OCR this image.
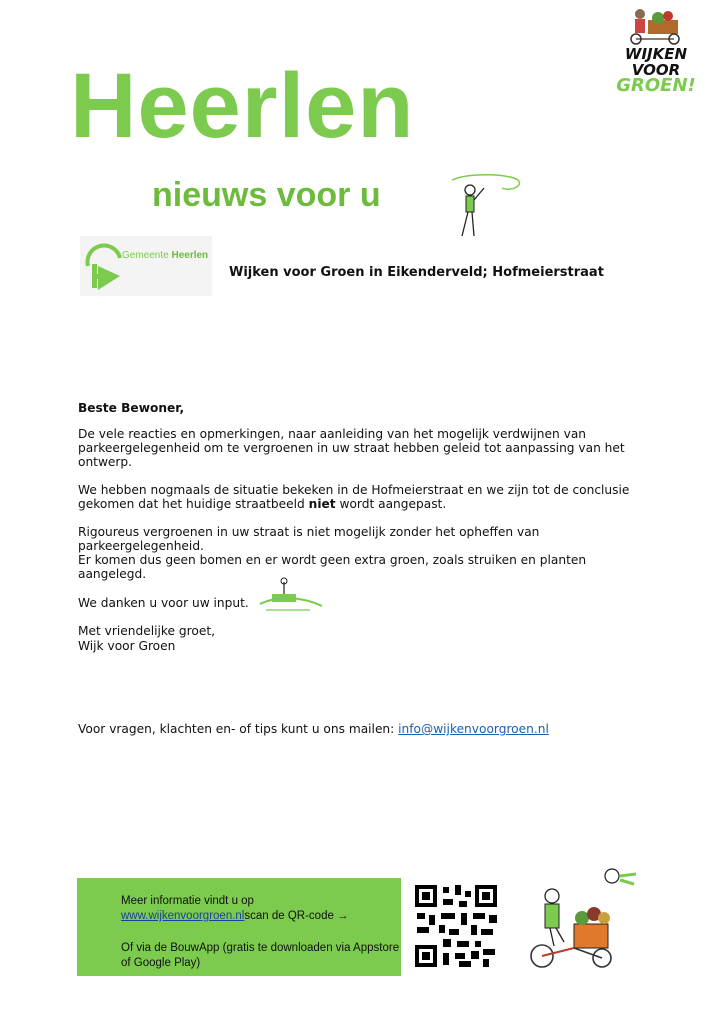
Heerlen
nieuws voor u
WIJKEN
VOOR
GROEN!
Gemeente Heerlen
Wijken voor Groen in Eikenderveld; Hofmeierstraat
Beste Bewoner,
De vele reacties en opmerkingen, naar aanleiding van het mogelijk verdwijnen van parkeergelegenheid om te vergroenen in uw straat hebben geleid tot aanpassing van het ontwerp.
We hebben nogmaals de situatie bekeken in de Hofmeierstraat en we zijn tot de conclusie gekomen dat het huidige straatbeeld niet wordt aangepast.
Rigoureus vergroenen in uw straat is niet mogelijk zonder het opheffen van parkeergelegenheid.
Er komen dus geen bomen en er wordt geen extra groen, zoals struiken en planten aangelegd.
We danken u voor uw input.
Met vriendelijke groet,
Wijk voor Groen
Voor vragen, klachten en- of tips kunt u ons mailen: info@wijkenvoorgroen.nl
Meer informatie vindt u op
www.wijkenvoorgroen.nlscan de QR-code →
Of via de BouwApp (gratis te downloaden via Appstore of Google Play)
